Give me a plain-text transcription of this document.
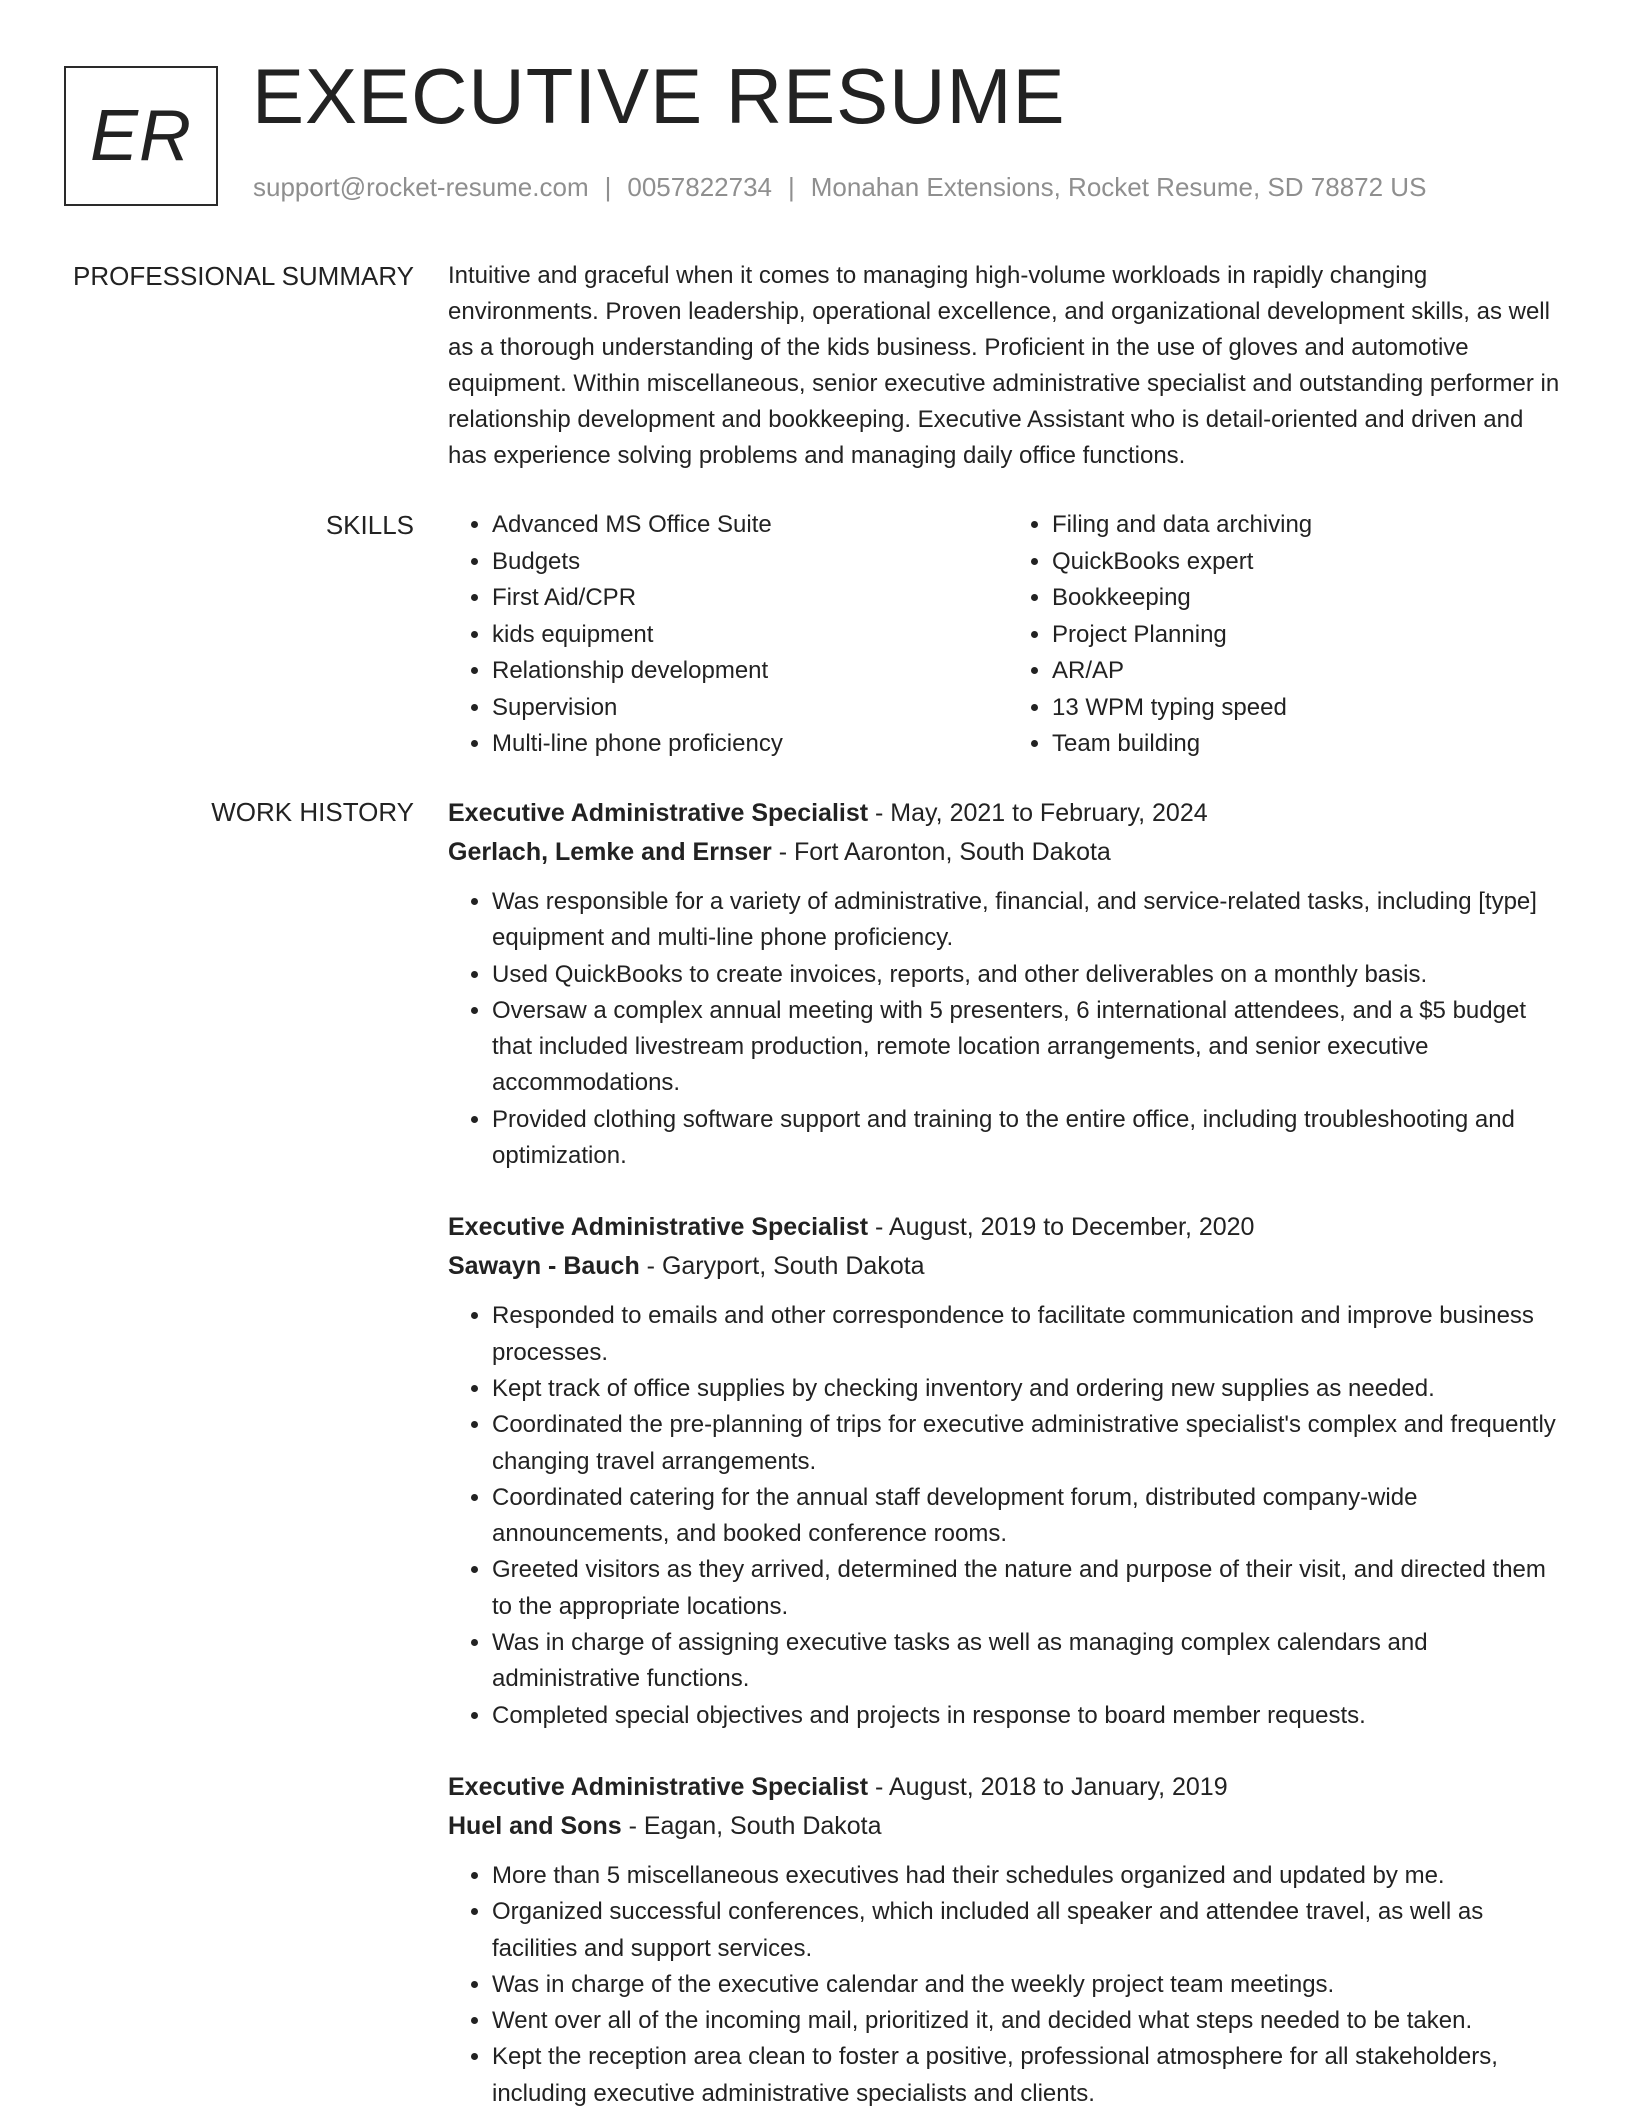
ER EXECUTIVE RESUME
support@rocket-resume.com | 0057822734 | Monahan Extensions, Rocket Resume, SD 78872 US
PROFESSIONAL SUMMARY Intuitive and graceful when it comes to managing high-volume workloads in rapidly changing environments. Proven leadership, operational excellence, and organizational development skills, as well as a thorough understanding of the kids business. Proficient in the use of gloves and automotive equipment. Within miscellaneous, senior executive administrative specialist and outstanding performer in relationship development and bookkeeping. Executive Assistant who is detail-oriented and driven and has experience solving problems and managing daily office functions.

SKILLS
•	Advanced MS Office Suite
• Budgets
• First Aid/CPR
• kids equipment
• Relationship development
• Supervision
• Multi-line phone proficiency
• Filing and data archiving
• QuickBooks expert
• Bookkeeping
• Project Planning
• AR/AP
• 13 WPM typing speed
• Team building
WORK HISTORY Executive Administrative Specialist - May, 2021 to February, 2024
Gerlach, Lemke and Ernser - Fort Aaronton, South Dakota
• Was responsible for a variety of administrative, financial, and service-related tasks, including [type] equipment and multi-line phone proficiency.
• Used QuickBooks to create invoices, reports, and other deliverables on a monthly basis.
• Oversaw a complex annual meeting with 5 presenters, 6 international attendees, and a $5 budget that included livestream production, remote location arrangements, and senior executive accommodations.
• Provided clothing software support and training to the entire office, including troubleshooting and optimization.
Executive Administrative Specialist - August, 2019 to December, 2020
Sawayn - Bauch - Garyport, South Dakota
• Responded to emails and other correspondence to facilitate communication and improve business processes.
• Kept track of office supplies by checking inventory and ordering new supplies as needed.
• Coordinated the pre-planning of trips for executive administrative specialist's complex and frequently changing travel arrangements.
• Coordinated catering for the annual staff development forum, distributed company-wide announcements, and booked conference rooms.
• Greeted visitors as they arrived, determined the nature and purpose of their visit, and directed them to the appropriate locations.
• Was in charge of assigning executive tasks as well as managing complex calendars and administrative functions.
• Completed special objectives and projects in response to board member requests.
Executive Administrative Specialist - August, 2018 to January, 2019
Huel and Sons - Eagan, South Dakota
• More than 5 miscellaneous executives had their schedules organized and updated by me.
• Organized successful conferences, which included all speaker and attendee travel, as well as facilities and support services.
• Was in charge of the executive calendar and the weekly project team meetings.
• Went over all of the incoming mail, prioritized it, and decided what steps needed to be taken.
• Kept the reception area clean to foster a positive, professional atmosphere for all stakeholders, including executive administrative specialists and clients.
